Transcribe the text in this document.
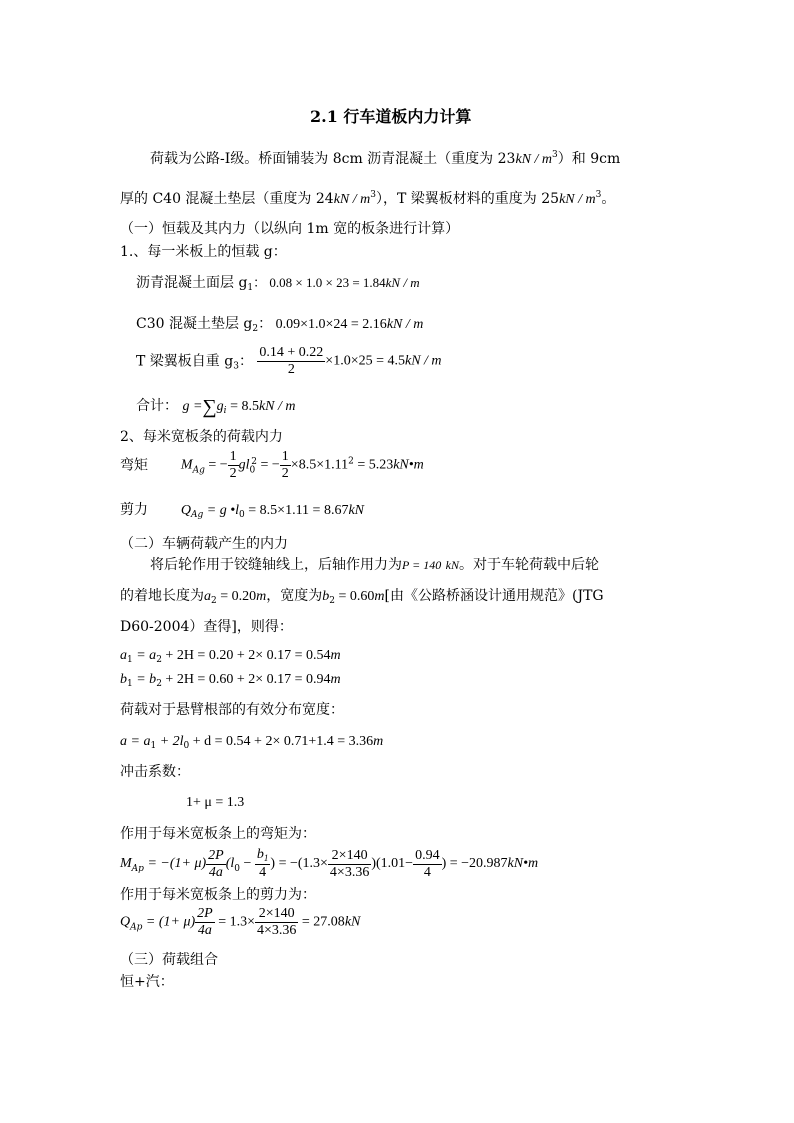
2.1 行车道板内力计算
荷载为公路-Ⅰ级。桥面铺装为 8cm 沥青混凝土（重度为 $23kN / m^3$）和 9cm
厚的 C40 混凝土垫层（重度为 $24kN / m^3$），T 梁翼板材料的重度为 $25kN / m^3$。
（一）恒载及其内力（以纵向 1m 宽的板条进行计算）
1.、每一米板上的恒载 g：
沥青混凝土面层 $g_1$： 0.08 × 1.0 × 23 = 1.84kN / m
C30 混凝土垫层 $g_2$： 0.09×1.0×24 = 2.16kN / m
T 梁翼板自重 $g_3$： $\frac{0.14 + 0.22}{2} \times 1.0\times 25 = 4.5kN / m$
合计： $g =\sum g_i = 8.5kN / m$
2、每米宽板条的荷载内力
弯矩 $M_{Ag}$ = − $\frac{1}{2} gl_0^2$ = − $\frac{1}{2} \times 8.5\times 1.11^2$ = 5.23kN•m
剪力 $Q_{Ag} = g$ $•l_0 = 8.5\times 1.11 = 8.67kN$
（二）车辆荷载产生的内力
将后轮作用于铰缝轴线上，后轴作用力为P = 140 kN。对于车轮荷载中后轮
的着地长度为$a_2 = 0.20m$，宽度为$b_2 = 0.60m$[由《公路桥涵设计通用规范》(JTG
D60-2004）查得]，则得：
$a_1 = a_2 + 2H = 0.20 + 2\times 0.17 = 0.54m$
$b_1 = b_2 + 2H = 0.60 + 2\times 0.17 = 0.94m$
荷载对于悬臂根部的有效分布宽度：
$a = a_1 + 2l_0 + d = 0.54 + 2\times 0.71+1.4 = 3.36m$
冲击系数：
1+ μ = 1.3
作用于每米宽板条上的弯矩为：
$M_{Ap} = -(1+ \mu) \frac{2P}{4a} (l_0 - \frac{b_1}{4}$ ) = $-(1.3\times \frac{2\times 140}{4\times 3.36} )(1.01- \frac{0.94}{4}$ ) = −20.987kN•m
作用于每米宽板条上的剪力为：
$Q_{Ap} = (1+ \mu) \frac{2P}{4a} = 1.3\times \frac{2\times 140}{4\times 3.36} = 27.08kN$
（三）荷载组合
恒+汽：
